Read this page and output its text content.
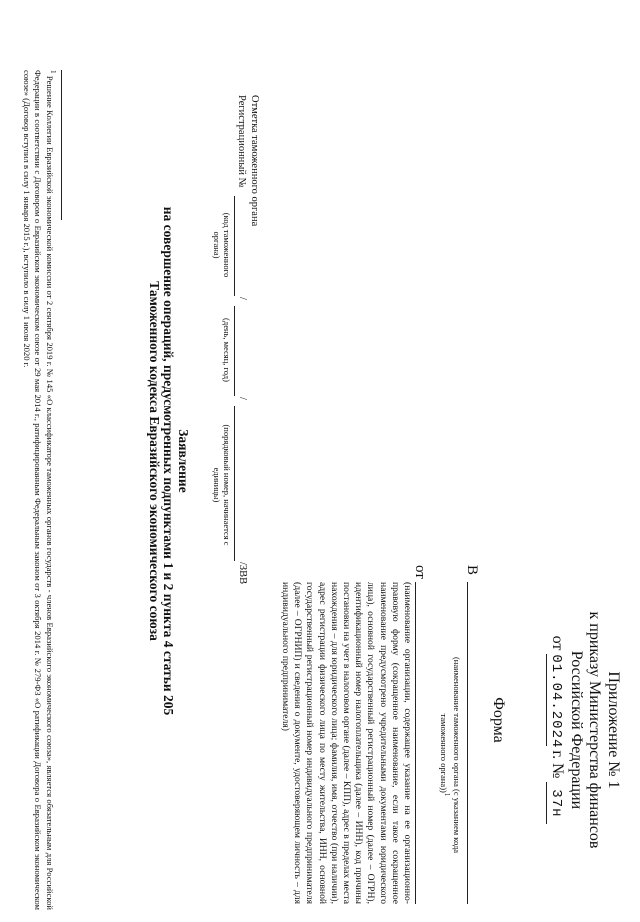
Приложение № 1
к приказу Министерства финансов
Российской Федерации
от 01.04.2024 г. № 37н
Форма
В
(наименование таможенного органа (с указанием кода таможенного органа))$^1$
от
(наименование организации, содержащее указание на ее организационно-правовую форму (сокращенное наименование, если такое сокращенное наименование предусмотрено учредительными документами юридического лица), основной государственный регистрационный номер (далее – ОГРН), идентификационный номер налогоплательщика (далее – ИНН), код причины постановки на учет в налоговом органе (далее – КПП), адрес в пределах места нахождения – для юридического лица; фамилия, имя, отчество (при наличии), адрес регистрации физического лица по месту жительства, ИНН, основной государственный регистрационный номер индивидуального предпринимателя (далее – ОГРНИП) и сведения о документе, удостоверяющем личность – для индивидуального предпринимателя)
Заявление
на совершение операций, предусмотренных подпунктами 1 и 2 пункта 4 статьи 205
Таможенного кодекса Евразийского экономического союза
Отметка таможенного органа
Регистрационный №
/
/
/ЗВВ
(код таможенного органа)
(день, месяц, год)
(порядковый номер, начинается с единицы)
$^1$ Решение Коллегии Евразийской экономической комиссии от 2 сентября 2019 г. № 145 «О классификаторе таможенных органов государств - членов Евразийского экономического союза», является обязательным для Российской Федерации в соответствии с Договором о Евразийском экономическом союзе от 29 мая 2014 г., ратифицированным Федеральным законом от 3 октября 2014 г. № 279-ФЗ «О ратификации Договора о Евразийском экономическом союзе» (Договор вступил в силу 1 января 2015 г.), вступило в силу 1 июля 2020 г.
